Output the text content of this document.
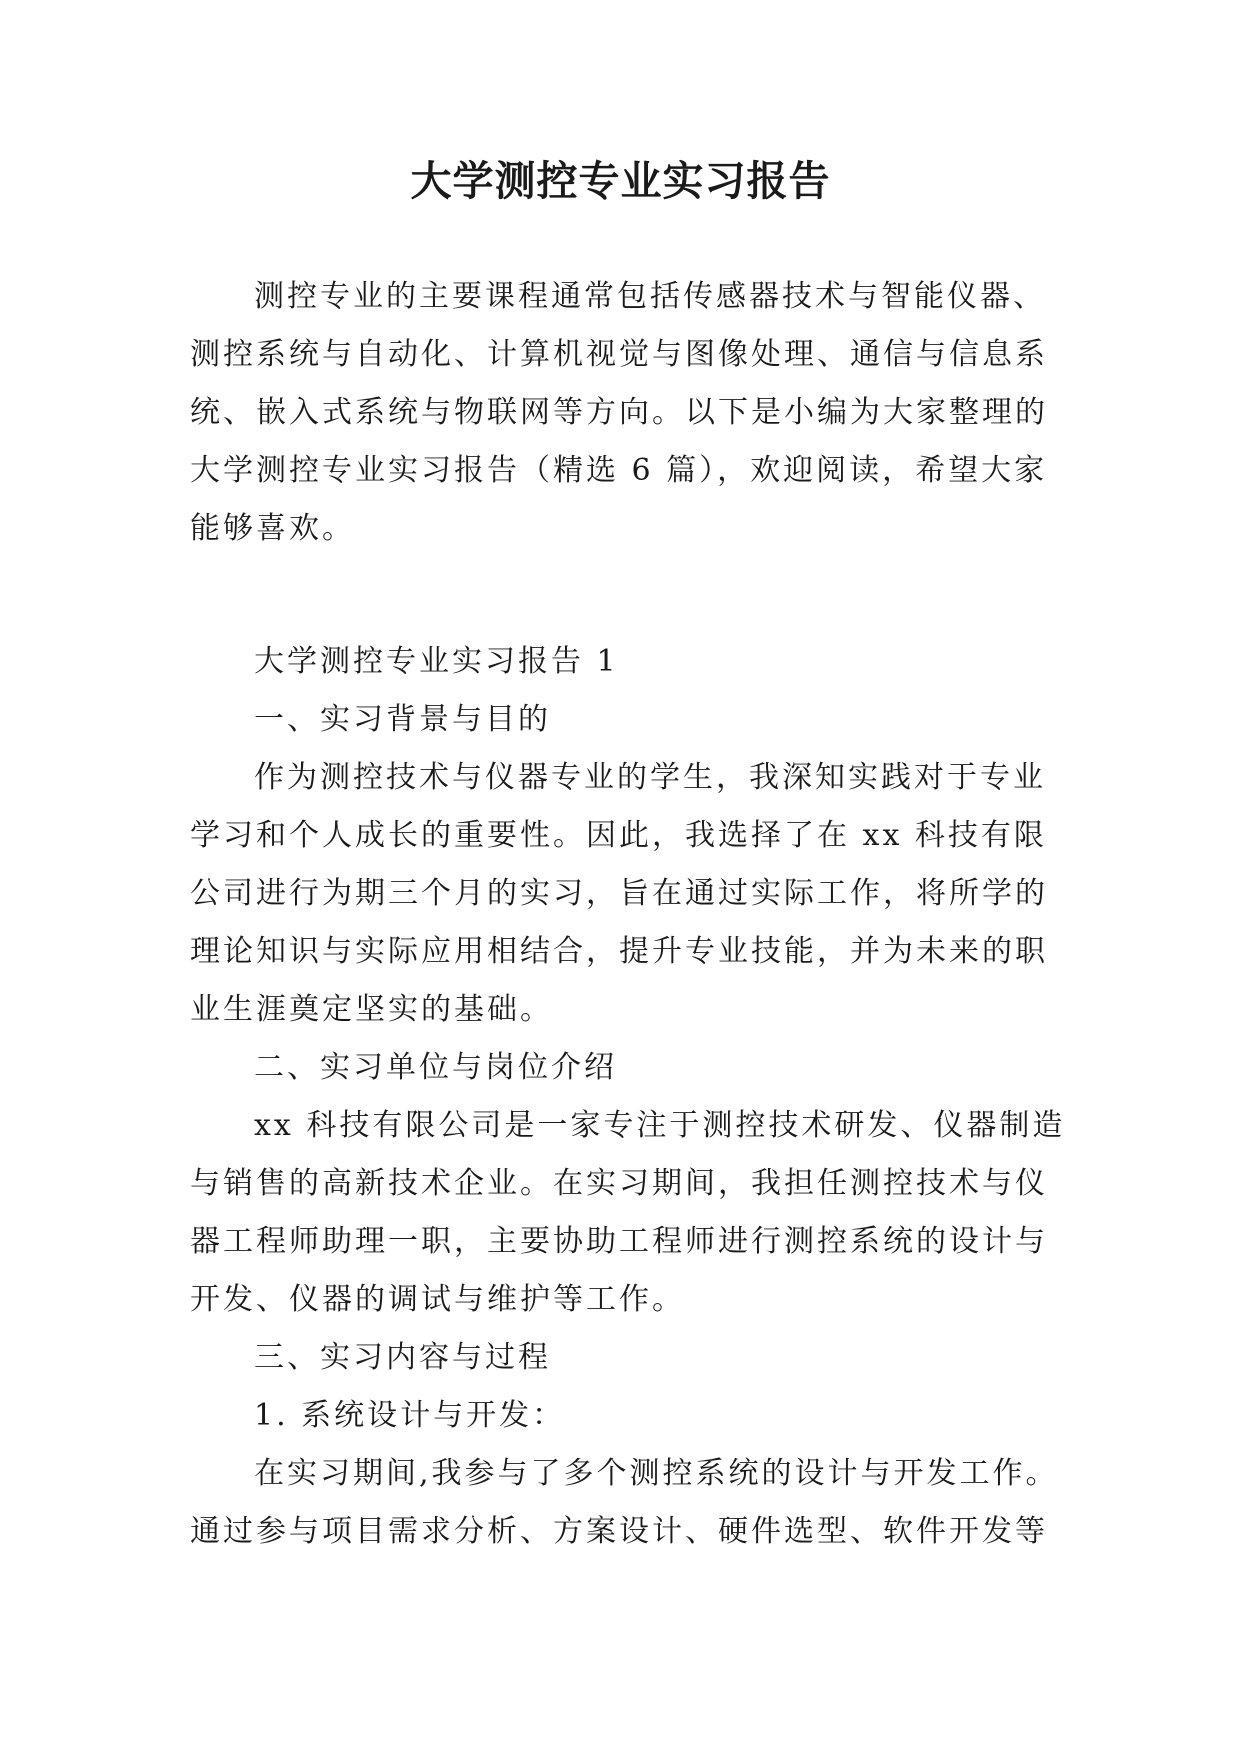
大学测控专业实习报告

测控专业的主要课程通常包括传感器技术与智能仪器、
测控系统与自动化、计算机视觉与图像处理、通信与信息系
统、嵌入式系统与物联网等方向。以下是小编为大家整理的
大学测控专业实习报告（精选 6 篇），欢迎阅读，希望大家
能够喜欢。

大学测控专业实习报告 1

一、实习背景与目的

作为测控技术与仪器专业的学生，我深知实践对于专业
学习和个人成长的重要性。因此，我选择了在 xx 科技有限
公司进行为期三个月的实习，旨在通过实际工作，将所学的
理论知识与实际应用相结合，提升专业技能，并为未来的职
业生涯奠定坚实的基础。

二、实习单位与岗位介绍

xx 科技有限公司是一家专注于测控技术研发、仪器制造
与销售的高新技术企业。在实习期间，我担任测控技术与仪
器工程师助理一职，主要协助工程师进行测控系统的设计与
开发、仪器的调试与维护等工作。

三、实习内容与过程

1. 系统设计与开发：

在实习期间,我参与了多个测控系统的设计与开发工作。
通过参与项目需求分析、方案设计、硬件选型、软件开发等
